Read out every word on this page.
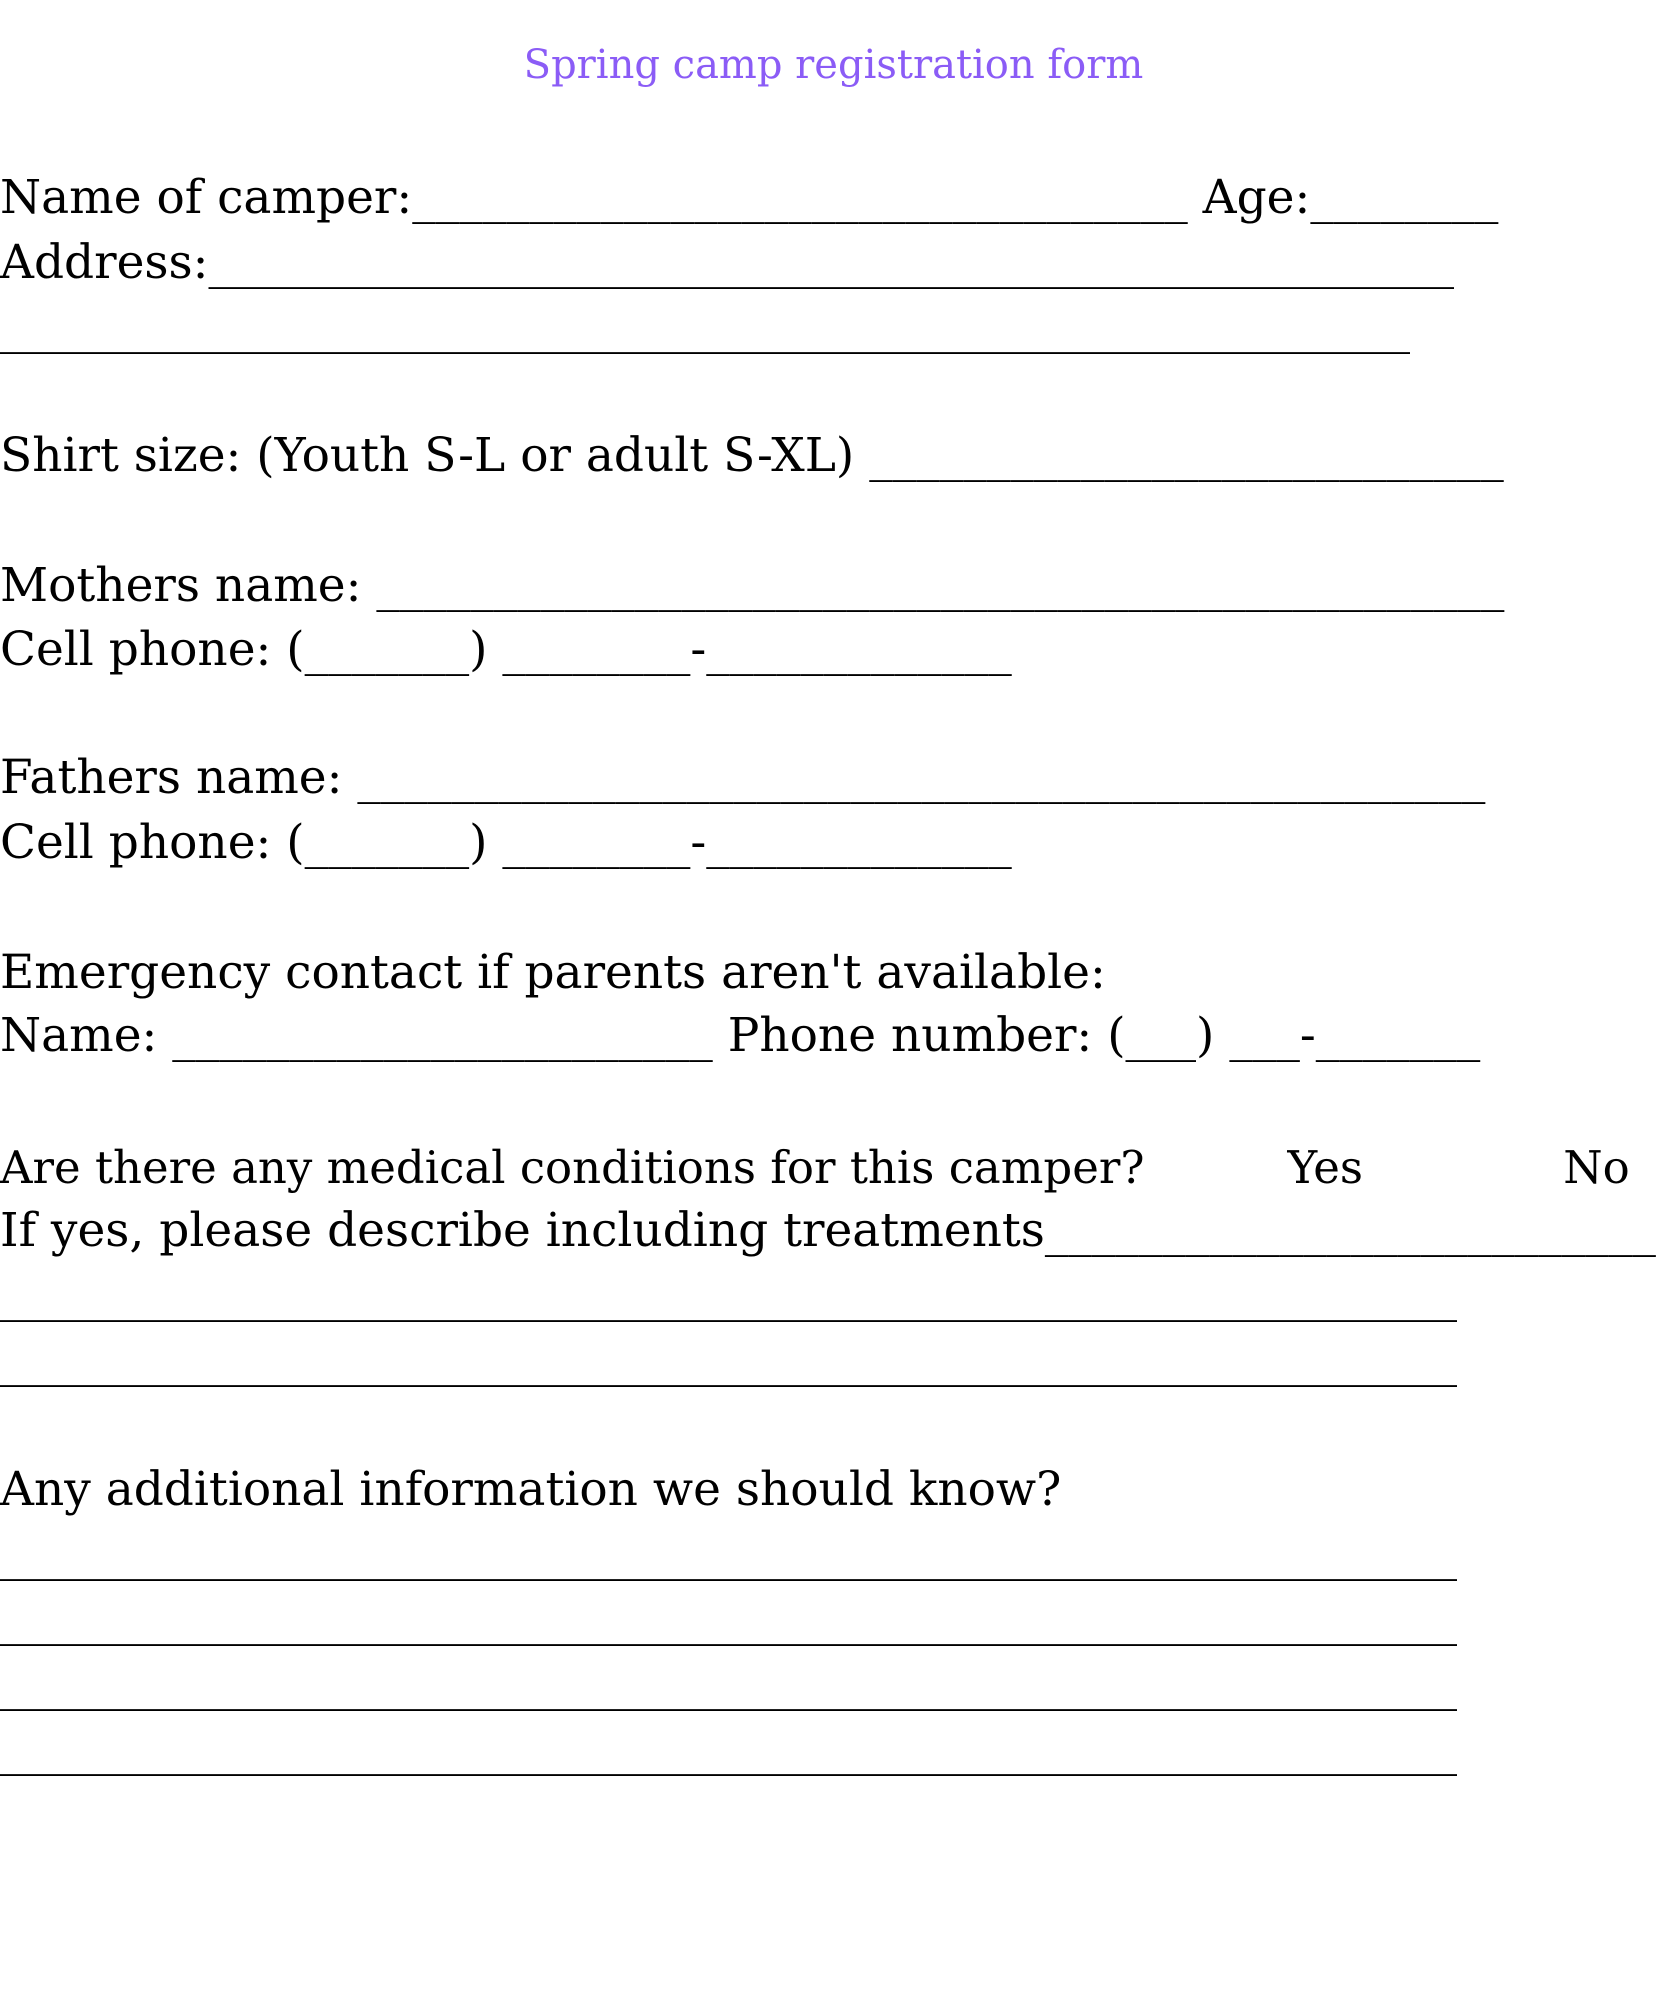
Spring camp registration form
Name of camper:_________________________________ Age:________
Address:_____________________________________________________
____________________________________________________________
Shirt size: (Youth S-L or adult S-XL) ___________________________
Mothers name: ________________________________________________
Cell phone: (_______) ________-_____________
Fathers name: ________________________________________________
Cell phone: (_______) ________-_____________
Emergency contact if parents aren't available:
Name: _______________________ Phone number: (___) ___-_______
Are there any medical conditions for this camper?          Yes              No
If yes, please describe including treatments__________________________
______________________________________________________________
______________________________________________________________
Any additional information we should know?
______________________________________________________________
______________________________________________________________
______________________________________________________________
______________________________________________________________
